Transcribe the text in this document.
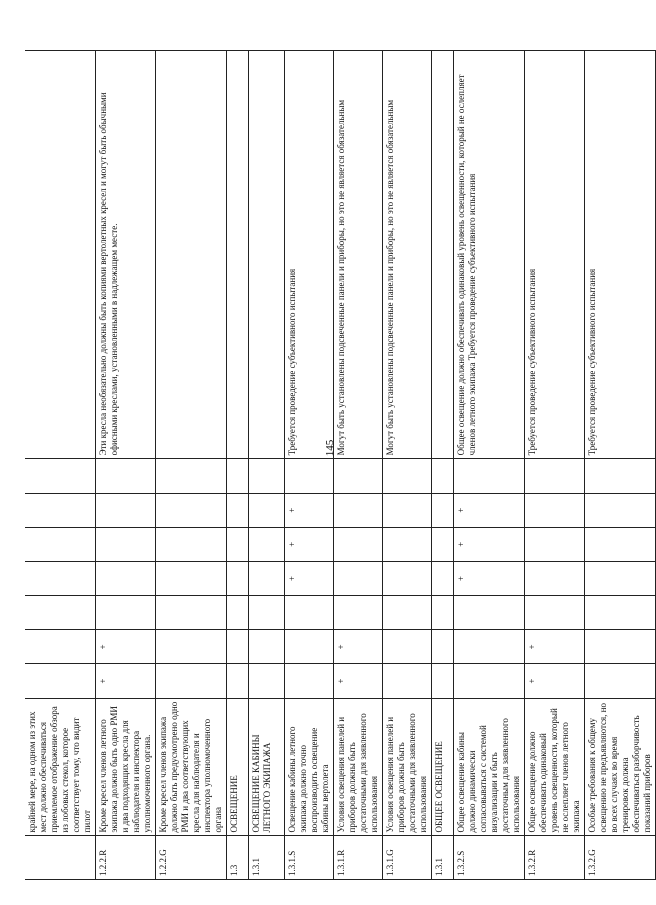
145
	крайней мере, на одном из этих мест должно обеспечиваться приемлемое отображение обзора из лобовых стекол, которое соответствует тому, что видит пилот								
1.2.2.R	Кроме кресел членов летного экипажа должно быть одно РМИ и два подходящих кресла для наблюдателя и инспектора уполномоченного органа.	+	+						Эти кресла необязательно должны быть копиями вертолетных кресел и могут быть обычными офисными креслами, установленными в надлежащем месте.
1.2.2.G	Кроме кресел членов экипажа должно быть предусмотрено одно РМИ и два соответствующих кресла для наблюдателя и инспектора уполномоченного органа								
1.3	ОСВЕЩЕНИЕ								
1.3.1	ОСВЕЩЕНИЕ КАБИНЫ ЛЕТНОГО ЭКИПАЖА								
1.3.1.S	Освещение кабины летного экипажа должно точно воспроизводить освещение кабины вертолета				+	+	+		Требуется проведение субъективного испытания
1.3.1.R	Условия освещения панелей и приборов должны быть достаточными для заявленного использования	+	+						Могут быть установлены подсвеченные панели и приборы, но это не является обязательным
1.3.1.G	Условия освещения панелей и приборов должны быть достаточными для заявленного использования								Могут быть установлены подсвеченные панели и приборы, но это не является обязательным
1.3.1	ОБЩЕЕ ОСВЕЩЕНИЕ								
1.3.2.S	Общее освещение кабины должно динамически согласовываться с системой визуализации и быть достаточным для заявленного использования				+	+	+		Общее освещение должно обеспечивать одинаковый уровень освещенности, который не ослепляет членов летного экипажа Требуется проведение субъективного испытания
1.3.2.R	Общее освещение должно обеспечивать одинаковый уровень освещенности, который не ослепляет членов летного экипажа	+	+						Требуется проведение субъективного испытания
1.3.2.G	Особые требования к общему освещению не предъявляются, но во всех случаях во время тренировок должна обеспечиваться разборчивость показаний приборов								Требуется проведение субъективного испытания
